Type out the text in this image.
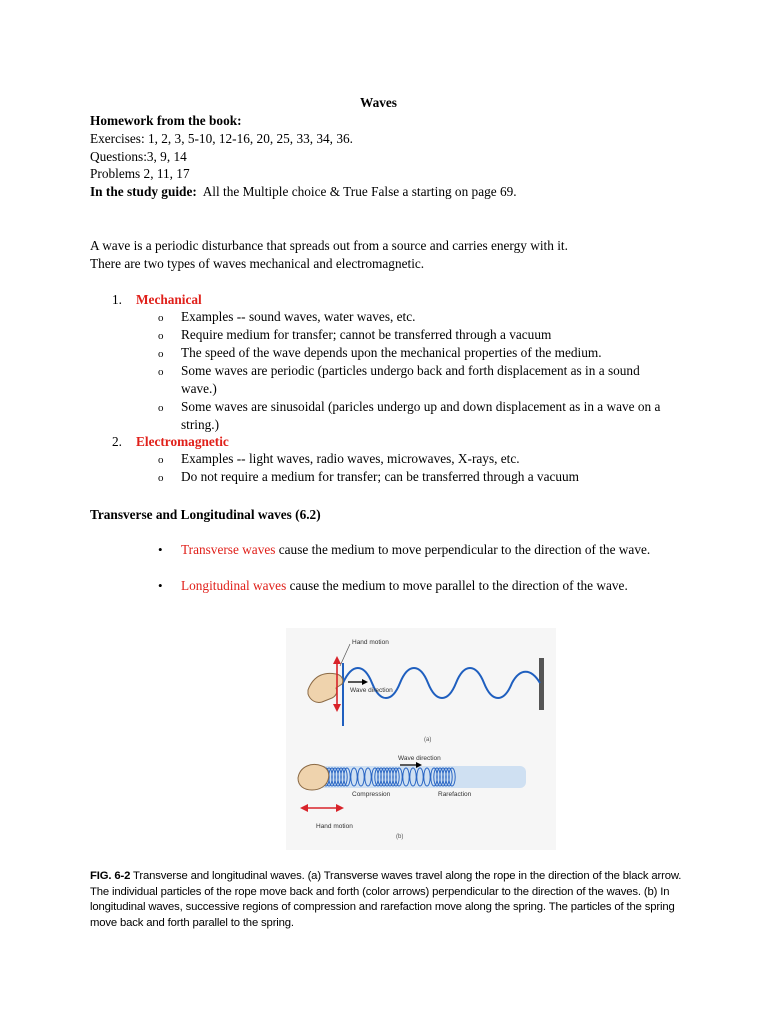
Waves
Homework from the book:
Exercises: 1, 2, 3, 5-10, 12-16, 20, 25, 33, 34, 36.
Questions:3, 9, 14
Problems 2, 11, 17
In the study guide:  All the Multiple choice & True False a starting on page 69.
A wave is a periodic disturbance that spreads out from a source and carries energy with it.
There are two types of waves mechanical and electromagnetic.
1. Mechanical
o Examples -- sound waves, water waves, etc.
o Require medium for transfer; cannot be transferred through a vacuum
o The speed of the wave depends upon the mechanical properties of the medium.
o Some waves are periodic (particles undergo back and forth displacement as in a sound wave.)
o Some waves are sinusoidal (paricles undergo up and down displacement as in a wave on a string.)
2. Electromagnetic
o Examples -- light waves, radio waves, microwaves, X-rays, etc.
o Do not require a medium for transfer; can be transferred through a vacuum
Transverse and Longitudinal waves (6.2)
• Transverse waves cause the medium to move perpendicular to the direction of the wave.
• Longitudinal waves cause the medium to move parallel to the direction of the wave.
Hand motion
Wave direction
(a)
Wave direction
Compression	Rarefaction
Hand motion
(b)
FIG. 6-2 Transverse and longitudinal waves. (a) Transverse waves travel along the rope in the direction of the black arrow. The individual particles of the rope move back and forth (color arrows) perpendicular to the direction of the waves. (b) In longitudinal waves, successive regions of compression and rarefaction move along the spring. The particles of the spring move back and forth parallel to the spring.
